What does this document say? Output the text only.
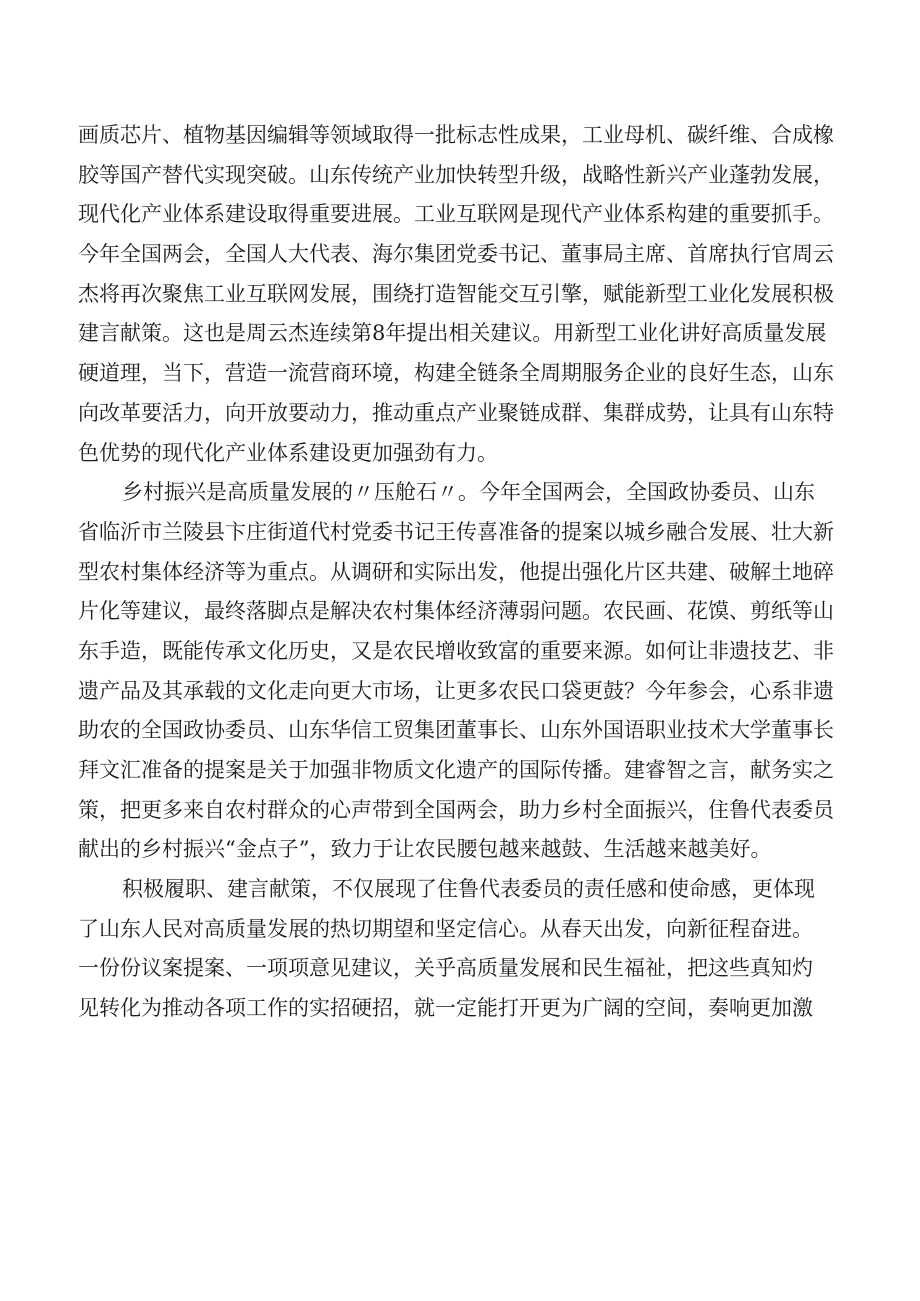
画质芯片、植物基因编辑等领域取得一批标志性成果，工业母机、碳纤维、合成橡
胶等国产替代实现突破。山东传统产业加快转型升级，战略性新兴产业蓬勃发展，
现代化产业体系建设取得重要进展。工业互联网是现代产业体系构建的重要抓手。
今年全国两会，全国人大代表、海尔集团党委书记、董事局主席、首席执行官周云
杰将再次聚焦工业互联网发展，围绕打造智能交互引擎，赋能新型工业化发展积极
建言献策。这也是周云杰连续第8年提出相关建议。用新型工业化讲好高质量发展
硬道理，当下，营造一流营商环境，构建全链条全周期服务企业的良好生态，山东
向改革要活力，向开放要动力，推动重点产业聚链成群、集群成势，让具有山东特
色优势的现代化产业体系建设更加强劲有力。
乡村振兴是高质量发展的〃压舱石〃。今年全国两会，全国政协委员、山东
省临沂市兰陵县卞庄街道代村党委书记王传喜准备的提案以城乡融合发展、壮大新
型农村集体经济等为重点。从调研和实际出发，他提出强化片区共建、破解土地碎
片化等建议，最终落脚点是解决农村集体经济薄弱问题。农民画、花馍、剪纸等山
东手造，既能传承文化历史，又是农民增收致富的重要来源。如何让非遗技艺、非
遗产品及其承载的文化走向更大市场，让更多农民口袋更鼓？今年参会，心系非遗
助农的全国政协委员、山东华信工贸集团董事长、山东外国语职业技术大学董事长
拜文汇准备的提案是关于加强非物质文化遗产的国际传播。建睿智之言，献务实之
策，把更多来自农村群众的心声带到全国两会，助力乡村全面振兴，住鲁代表委员
献出的乡村振兴“金点子”，致力于让农民腰包越来越鼓、生活越来越美好。
积极履职、建言献策，不仅展现了住鲁代表委员的责任感和使命感，更体现
了山东人民对高质量发展的热切期望和坚定信心。从春天出发，向新征程奋进。
一份份议案提案、一项项意见建议，关乎高质量发展和民生福祉，把这些真知灼
见转化为推动各项工作的实招硬招，就一定能打开更为广阔的空间，奏响更加激
